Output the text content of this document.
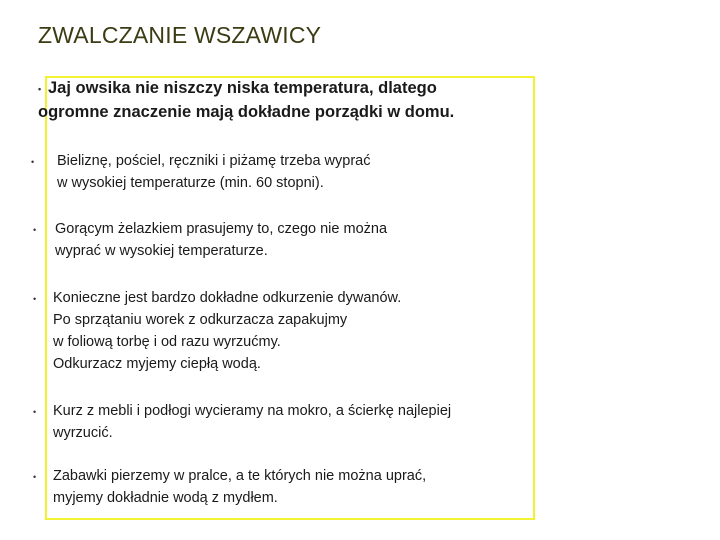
ZWALCZANIE WSZAWICY
• Jaj owsika nie niszczy niska temperatura, dlatego
ogromne znaczenie mają dokładne porządki w domu.
• Bieliznę, pościel, ręczniki i piżamę trzeba wyprać
w wysokiej temperaturze (min. 60 stopni).
• Gorącym żelazkiem prasujemy to, czego nie można
wyprać w wysokiej temperaturze.
• Konieczne jest bardzo dokładne odkurzenie dywanów.
Po sprzątaniu worek z odkurzacza zapakujmy
w foliową torbę i od razu wyrzućmy.
Odkurzacz myjemy ciepłą wodą.
• Kurz z mebli i podłogi wycieramy na mokro, a ścierkę najlepiej
wyrzucić.
• Zabawki pierzemy w pralce, a te których nie można uprać,
myjemy dokładnie wodą z mydłem.
